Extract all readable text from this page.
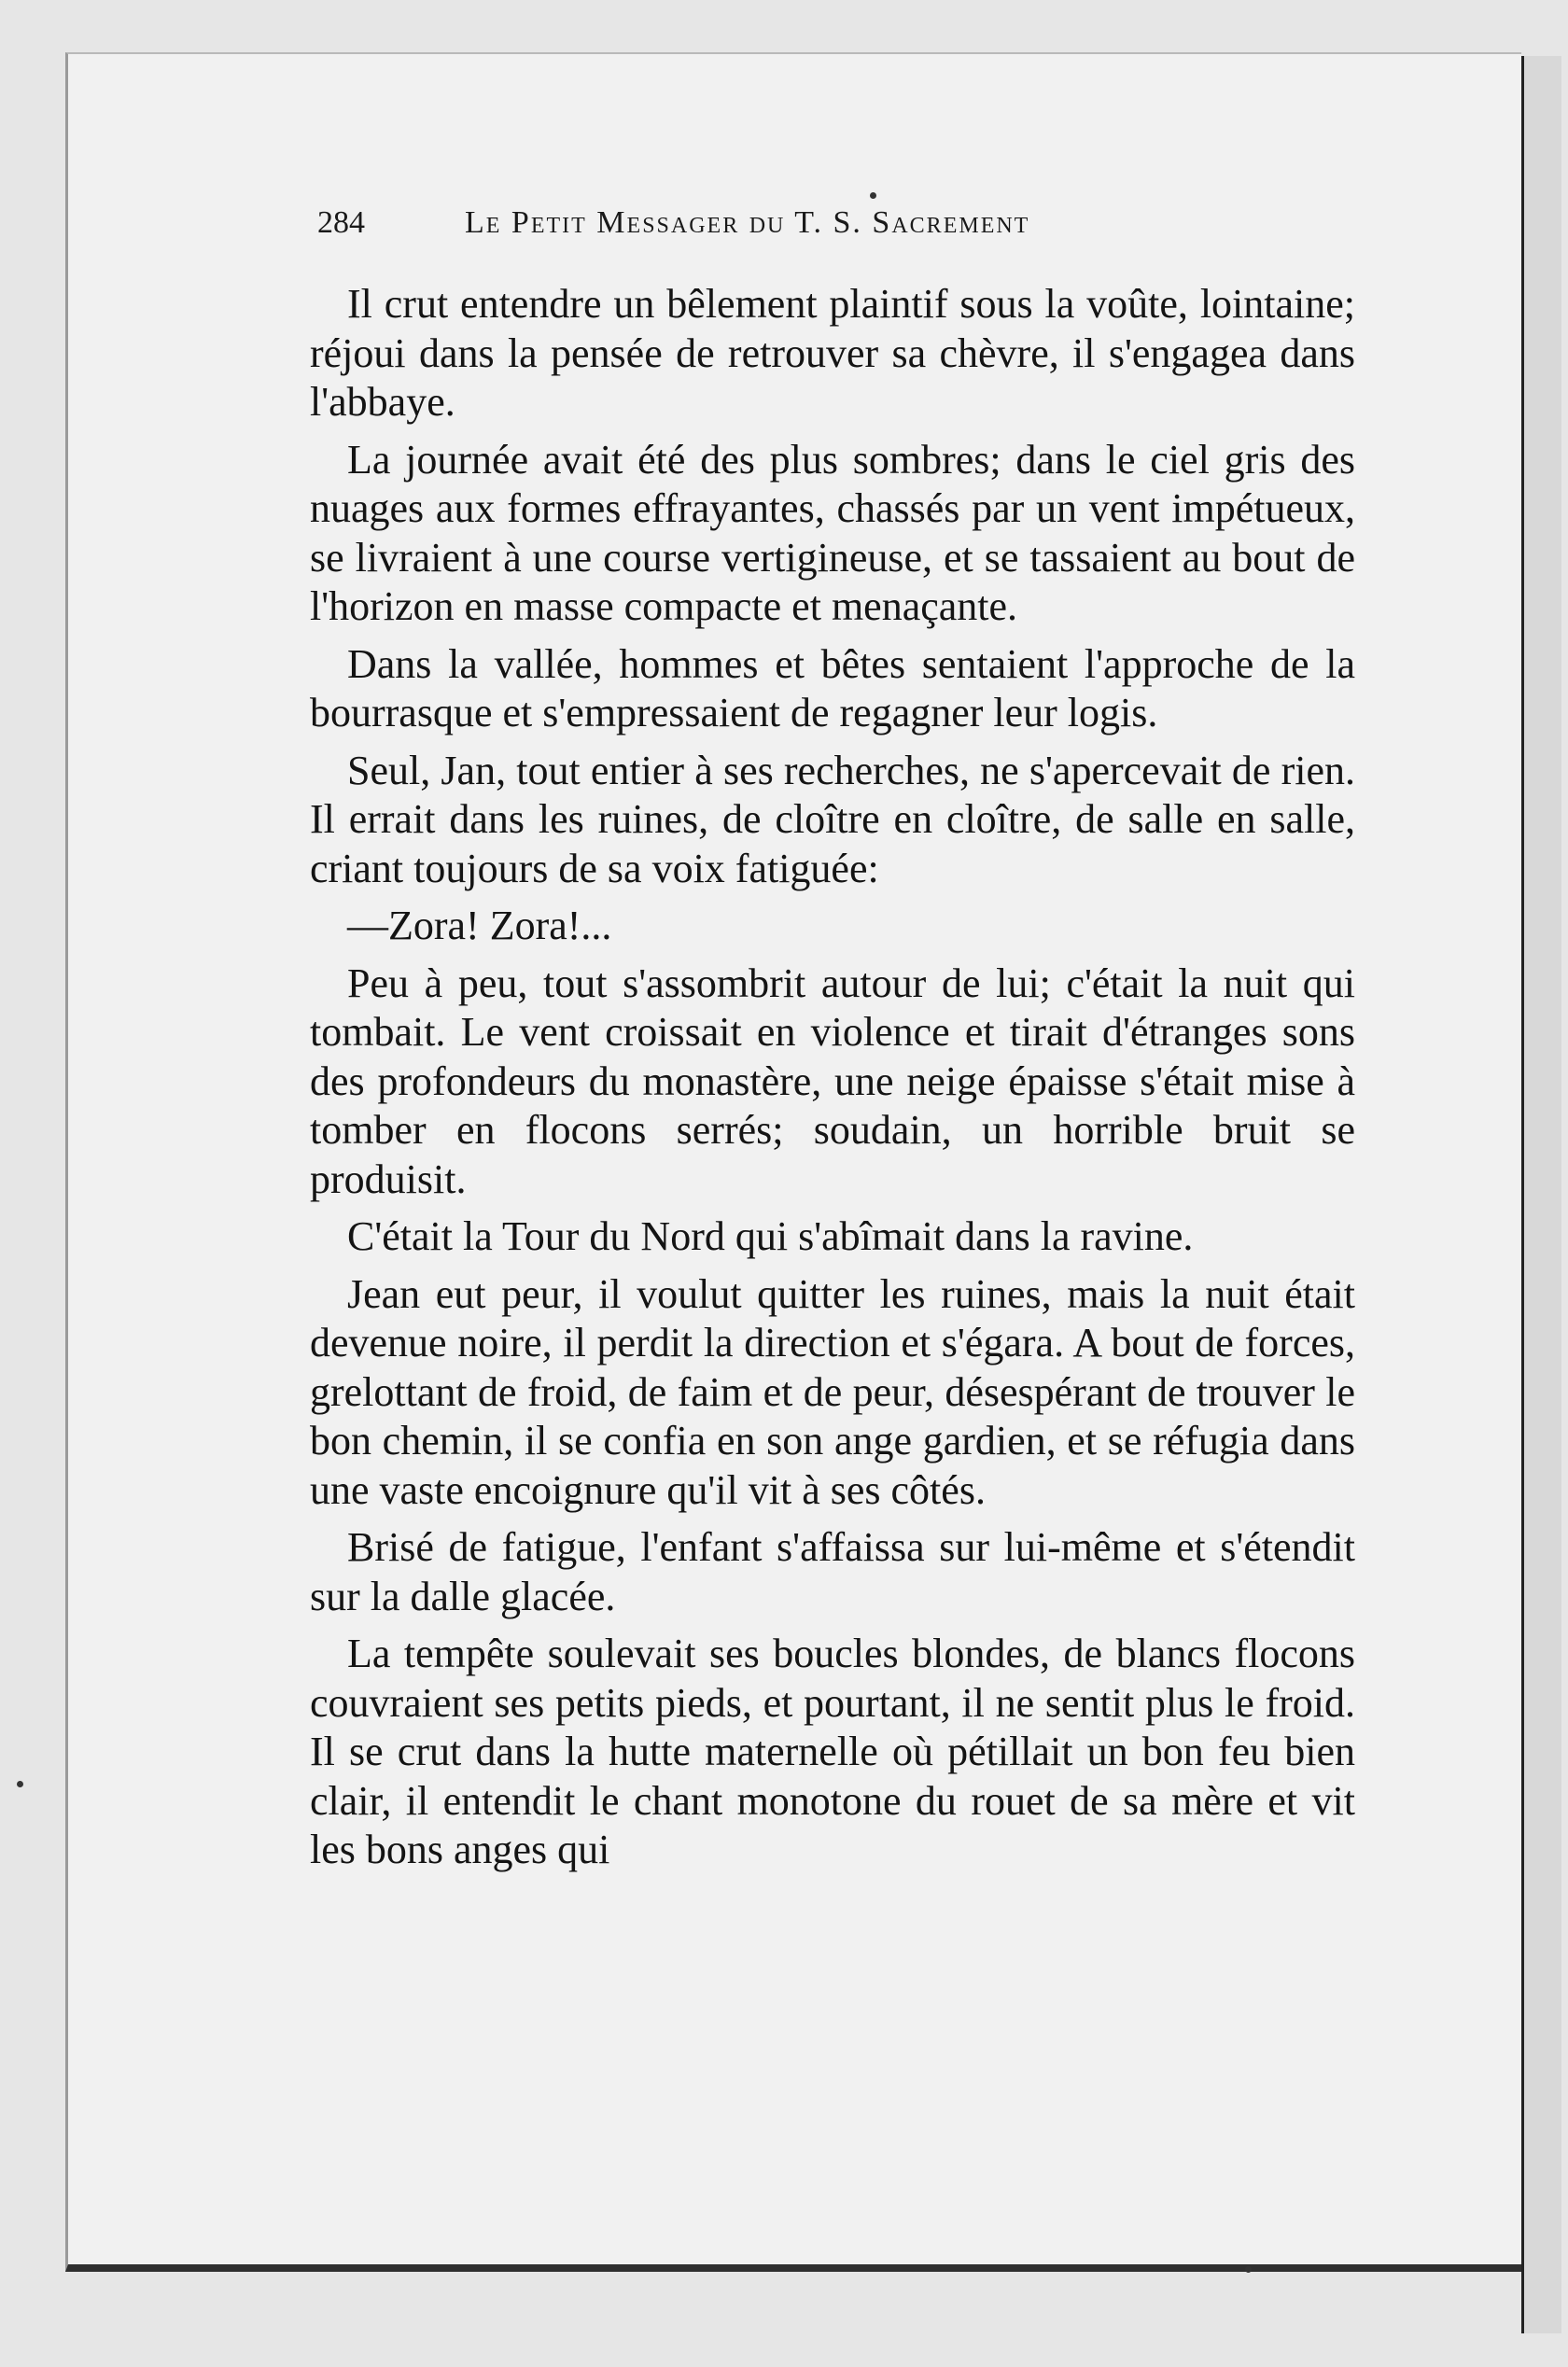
284	Le Petit Messager du T. S. Sacrement

Il crut entendre un bêlement plaintif sous la voûte, lointaine; réjoui dans la pensée de retrouver sa chèvre, il s'engagea dans l'abbaye.

La journée avait été des plus sombres; dans le ciel gris des nuages aux formes effrayantes, chassés par un vent impétueux, se livraient à une course vertigineuse, et se tassaient au bout de l'horizon en masse compacte et menaçante.

Dans la vallée, hommes et bêtes sentaient l'approche de la bourrasque et s'empressaient de regagner leur logis.

Seul, Jan, tout entier à ses recherches, ne s'apercevait de rien. Il errait dans les ruines, de cloître en cloître, de salle en salle, criant toujours de sa voix fatiguée:

—Zora! Zora!...

Peu à peu, tout s'assombrit autour de lui; c'était la nuit qui tombait. Le vent croissait en violence et tirait d'étranges sons des profondeurs du monastère, une neige épaisse s'était mise à tomber en flocons serrés; soudain, un horrible bruit se produisit.

C'était la Tour du Nord qui s'abîmait dans la ravine.

Jean eut peur, il voulut quitter les ruines, mais la nuit était devenue noire, il perdit la direction et s'égara. A bout de forces, grelottant de froid, de faim et de peur, désespérant de trouver le bon chemin, il se confia en son ange gardien, et se réfugia dans une vaste encoignure qu'il vit à ses côtés.

Brisé de fatigue, l'enfant s'affaissa sur lui-même et s'étendit sur la dalle glacée.

La tempête soulevait ses boucles blondes, de blancs flocons couvraient ses petits pieds, et pourtant, il ne sentit plus le froid. Il se crut dans la hutte maternelle où pétillait un bon feu bien clair, il entendit le chant monotone du rouet de sa mère et vit les bons anges qui
